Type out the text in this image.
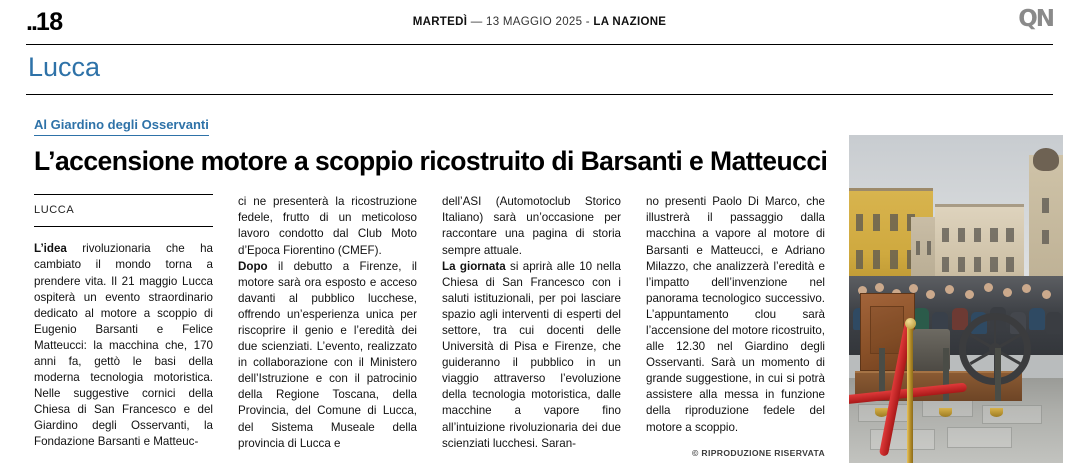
..18	MARTEDÌ — 13 MAGGIO 2025 - LA NAZIONE	QN
Lucca
Al Giardino degli Osservanti
L’accensione motore a scoppio ricostruito di Barsanti e Matteucci
LUCCA

L’idea rivoluzionaria che ha cambiato il mondo torna a prendere vita. Il 21 maggio Lucca ospiterà un evento straordinario dedicato al motore a scoppio di Eugenio Barsanti e Felice Matteucci: la macchina che, 170 anni fa, gettò le basi della moderna tecnologia motoristica. Nelle suggestive cornici della Chiesa di San Francesco e del Giardino degli Osservanti, la Fondazione Barsanti e Matteuc-

ci ne presenterà la ricostruzione fedele, frutto di un meticoloso lavoro condotto dal Club Moto d’Epoca Fiorentino (CMEF).

Dopo il debutto a Firenze, il motore sarà ora esposto e acceso davanti al pubblico lucchese, offrendo un’esperienza unica per riscoprire il genio e l’eredità dei due scienziati. L’evento, realizzato in collaborazione con il Ministero dell’Istruzione e con il patrocinio della Regione Toscana, della Provincia, del Comune di Lucca, del Sistema Museale della provincia di Lucca e

dell’ASI (Automotoclub Storico Italiano) sarà un’occasione per raccontare una pagina di storia sempre attuale.

La giornata si aprirà alle 10 nella Chiesa di San Francesco con i saluti istituzionali, per poi lasciare spazio agli interventi di esperti del settore, tra cui docenti delle Università di Pisa e Firenze, che guideranno il pubblico in un viaggio attraverso l’evoluzione della tecnologia motoristica, dalle macchine a vapore fino all’intuizione rivoluzionaria dei due scienziati lucchesi. Saran-

no presenti Paolo Di Marco, che illustrerà il passaggio dalla macchina a vapore al motore di Barsanti e Matteucci, e Adriano Milazzo, che analizzerà l’eredità e l’impatto dell’invenzione nel panorama tecnologico successivo. L’appuntamento clou sarà l’accensione del motore ricostruito, alle 12.30 nel Giardino degli Osservanti. Sarà un momento di grande suggestione, in cui si potrà assistere alla messa in funzione della riproduzione fedele del motore a scoppio.

© RIPRODUZIONE RISERVATA
